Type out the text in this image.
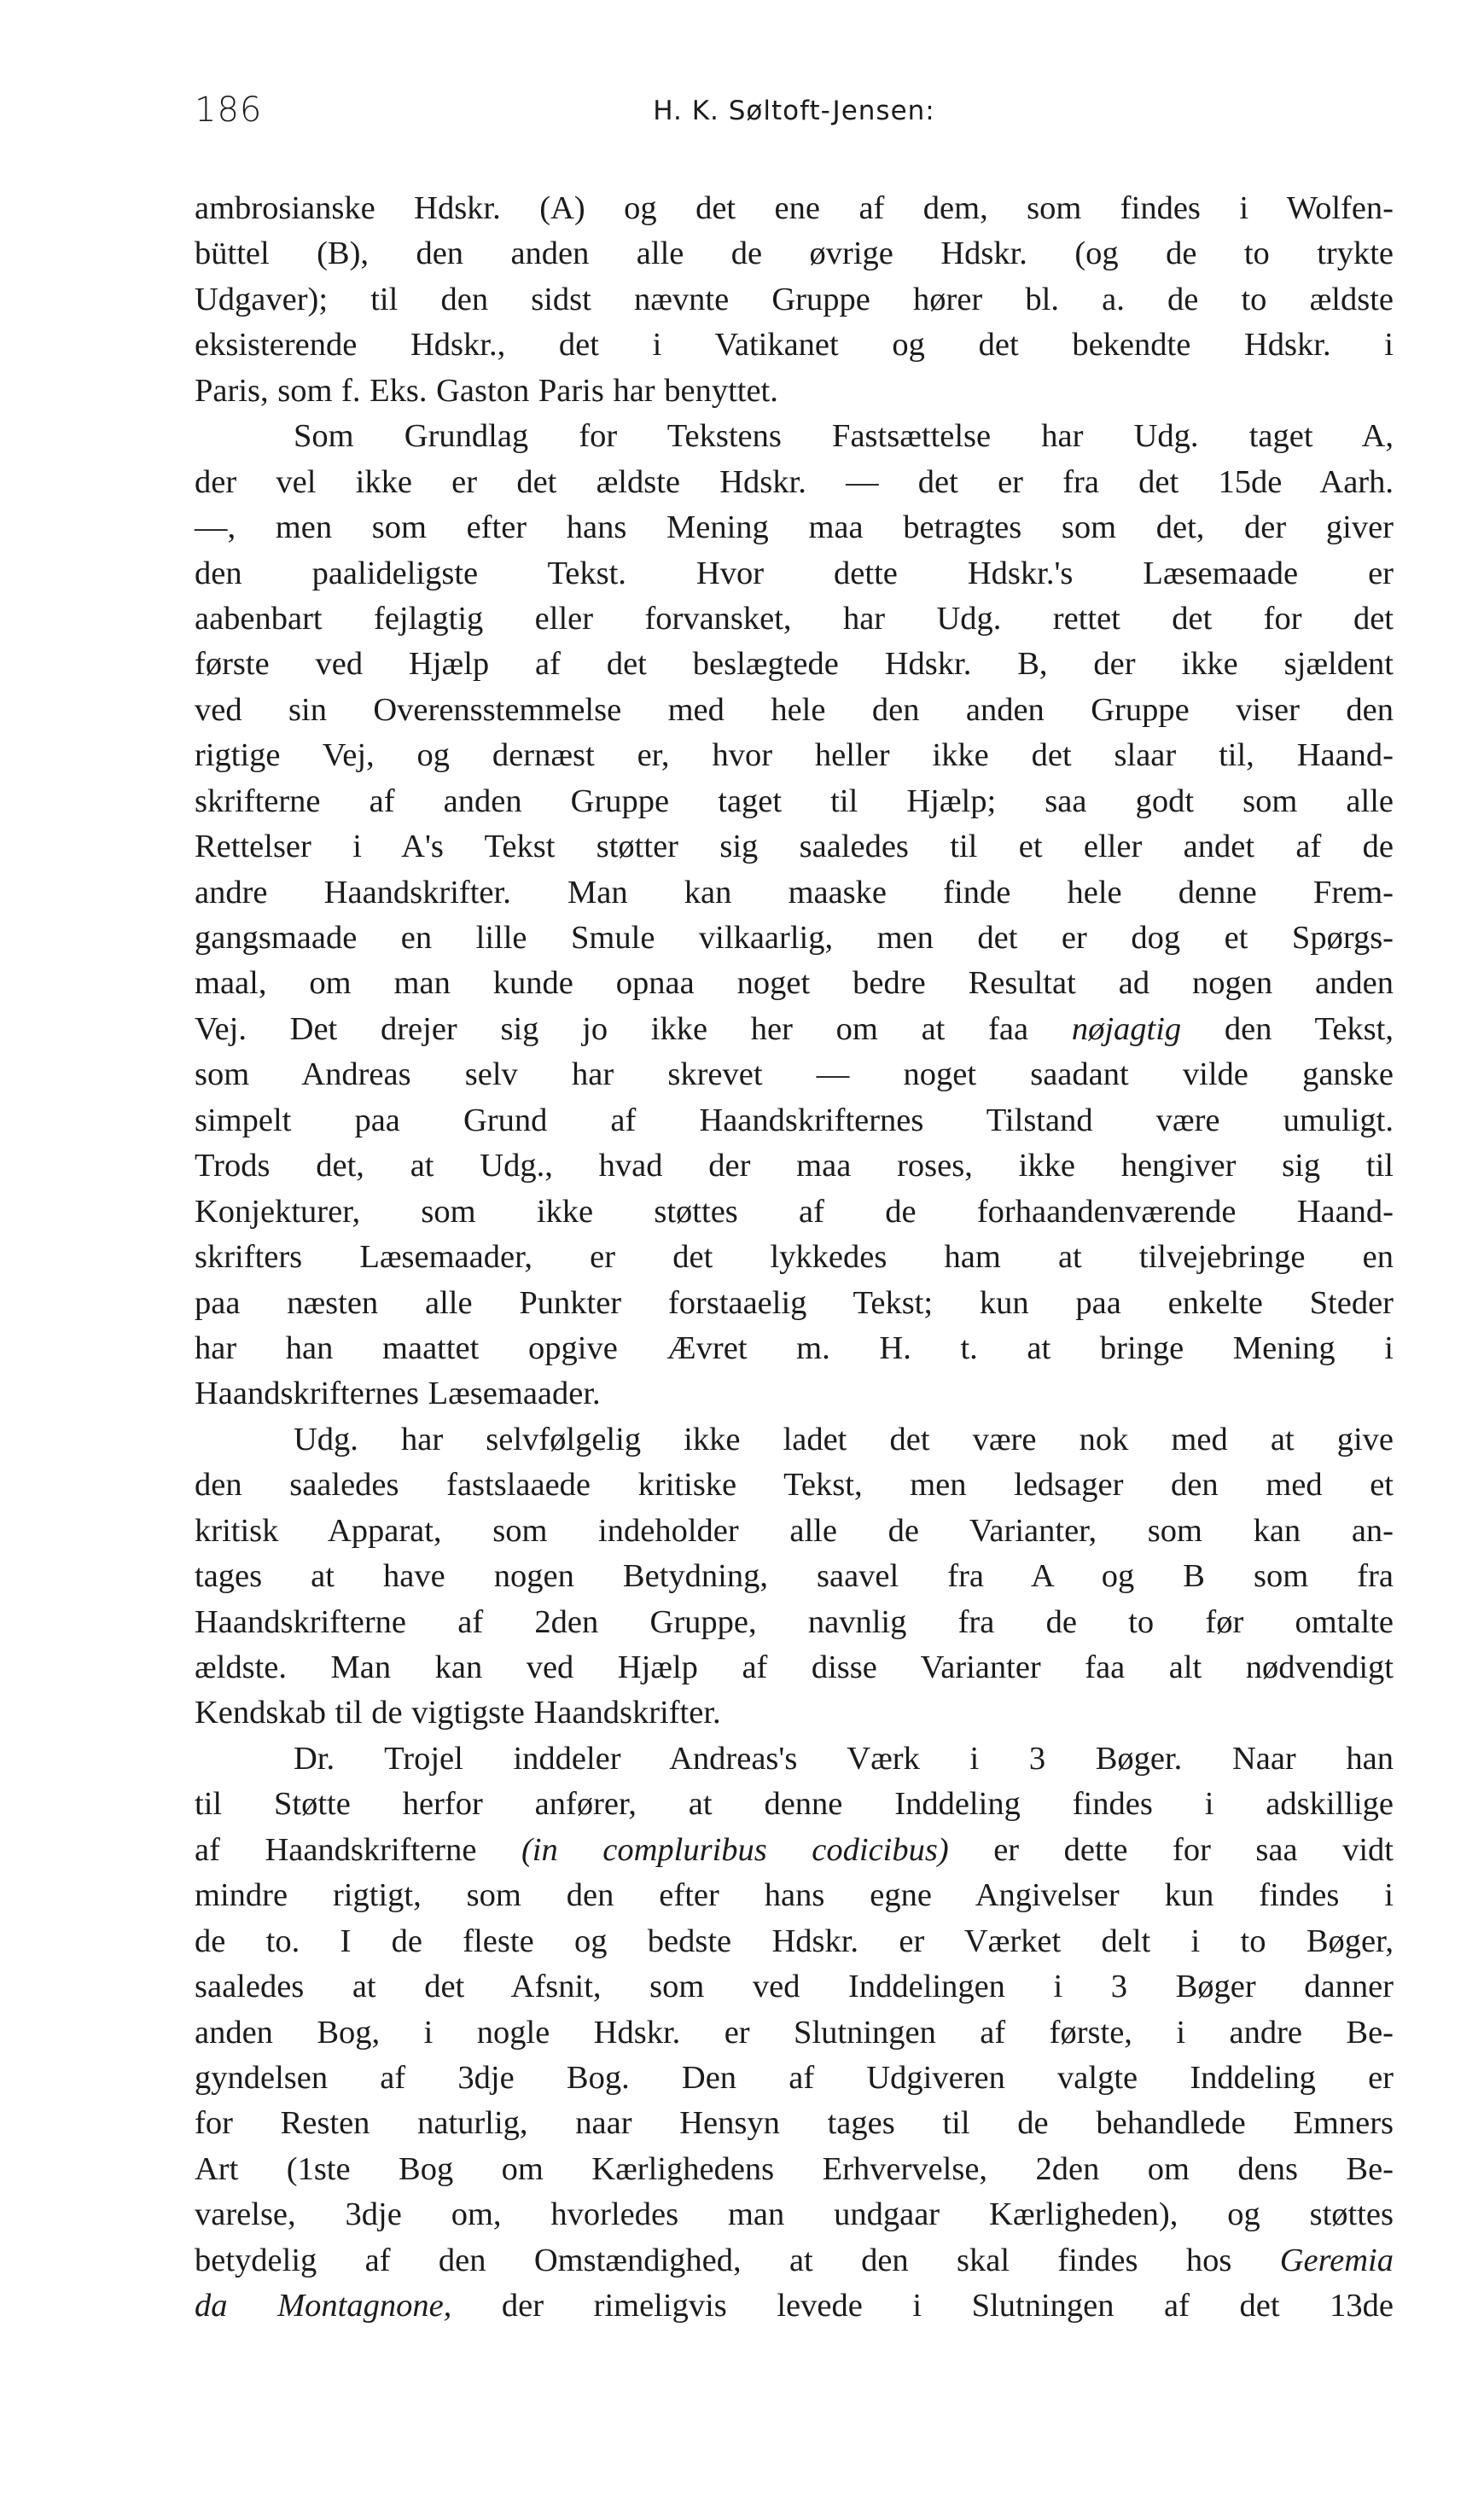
186	H. K. Søltoft-Jensen:
ambrosianske Hdskr. (A) og det ene af dem, som findes i Wolfen-
büttel (B), den anden alle de øvrige Hdskr. (og de to trykte
Udgaver); til den sidst nævnte Gruppe hører bl. a. de to ældste
eksisterende Hdskr., det i Vatikanet og det bekendte Hdskr. i
Paris, som f. Eks. Gaston Paris har benyttet.
Som Grundlag for Tekstens Fastsættelse har Udg. taget A,
der vel ikke er det ældste Hdskr. — det er fra det 15de Aarh.
—, men som efter hans Mening maa betragtes som det, der giver
den paalideligste Tekst. Hvor dette Hdskr.'s Læsemaade er
aabenbart fejlagtig eller forvansket, har Udg. rettet det for det
første ved Hjælp af det beslægtede Hdskr. B, der ikke sjældent
ved sin Overensstemmelse med hele den anden Gruppe viser den
rigtige Vej, og dernæst er, hvor heller ikke det slaar til, Haand-
skrifterne af anden Gruppe taget til Hjælp; saa godt som alle
Rettelser i A's Tekst støtter sig saaledes til et eller andet af de
andre Haandskrifter. Man kan maaske finde hele denne Frem-
gangsmaade en lille Smule vilkaarlig, men det er dog et Spørgs-
maal, om man kunde opnaa noget bedre Resultat ad nogen anden
Vej. Det drejer sig jo ikke her om at faa nøjagtig den Tekst,
som Andreas selv har skrevet — noget saadant vilde ganske
simpelt paa Grund af Haandskrifternes Tilstand være umuligt.
Trods det, at Udg., hvad der maa roses, ikke hengiver sig til
Konjekturer, som ikke støttes af de forhaandenværende Haand-
skrifters Læsemaader, er det lykkedes ham at tilvejebringe en
paa næsten alle Punkter forstaaelig Tekst; kun paa enkelte Steder
har han maattet opgive Ævret m. H. t. at bringe Mening i
Haandskrifternes Læsemaader.
Udg. har selvfølgelig ikke ladet det være nok med at give
den saaledes fastslaaede kritiske Tekst, men ledsager den med et
kritisk Apparat, som indeholder alle de Varianter, som kan an-
tages at have nogen Betydning, saavel fra A og B som fra
Haandskrifterne af 2den Gruppe, navnlig fra de to før omtalte
ældste. Man kan ved Hjælp af disse Varianter faa alt nødvendigt
Kendskab til de vigtigste Haandskrifter.
Dr. Trojel inddeler Andreas's Værk i 3 Bøger. Naar han
til Støtte herfor anfører, at denne Inddeling findes i adskillige
af Haandskrifterne (in compluribus codicibus) er dette for saa vidt
mindre rigtigt, som den efter hans egne Angivelser kun findes i
de to. I de fleste og bedste Hdskr. er Værket delt i to Bøger,
saaledes at det Afsnit, som ved Inddelingen i 3 Bøger danner
anden Bog, i nogle Hdskr. er Slutningen af første, i andre Be-
gyndelsen af 3dje Bog. Den af Udgiveren valgte Inddeling er
for Resten naturlig, naar Hensyn tages til de behandlede Emners
Art (1ste Bog om Kærlighedens Erhvervelse, 2den om dens Be-
varelse, 3dje om, hvorledes man undgaar Kærligheden), og støttes
betydelig af den Omstændighed, at den skal findes hos Geremia
da Montagnone, der rimeligvis levede i Slutningen af det 13de
